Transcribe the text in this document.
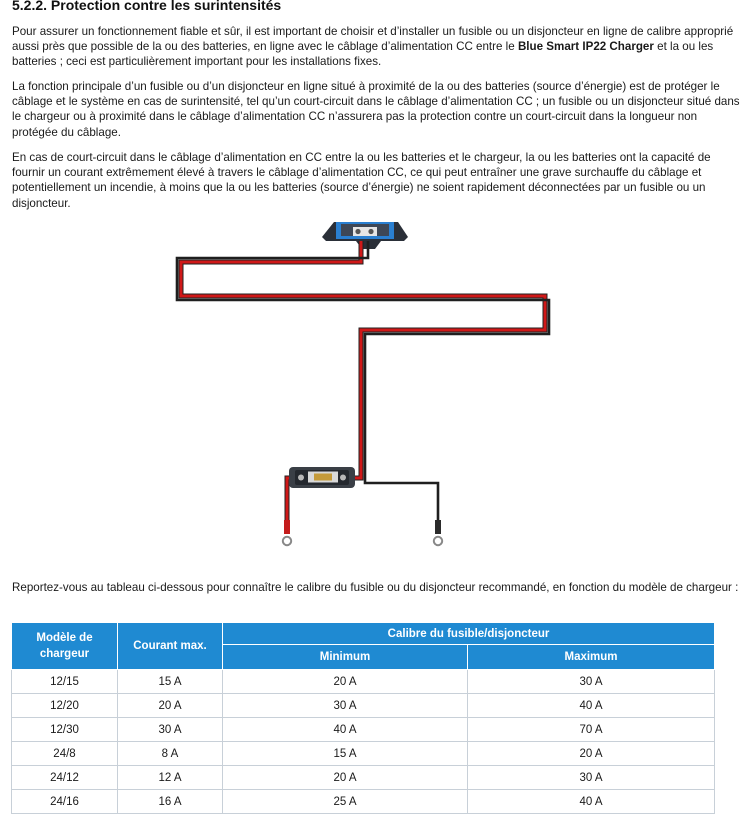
5.2.2. Protection contre les surintensités

Pour assurer un fonctionnement fiable et sûr, il est important de choisir et d’installer un fusible ou un disjoncteur en ligne de calibre approprié aussi près que possible de la ou des batteries, en ligne avec le câblage d’alimentation CC entre le Blue Smart IP22 Charger et la ou les batteries ; ceci est particulièrement important pour les installations fixes.

La fonction principale d’un fusible ou d’un disjoncteur en ligne situé à proximité de la ou des batteries (source d’énergie) est de protéger le câblage et le système en cas de surintensité, tel qu’un court-circuit dans le câblage d’alimentation CC ; un fusible ou un disjoncteur situé dans le chargeur ou à proximité dans le câblage d’alimentation CC n’assurera pas la protection contre un court-circuit dans la longueur non protégée du câblage.

En cas de court-circuit dans le câblage d’alimentation en CC entre la ou les batteries et le chargeur, la ou les batteries ont la capacité de fournir un courant extrêmement élevé à travers le câblage d’alimentation CC, ce qui peut entraîner une grave surchauffe du câblage et potentiellement un incendie, à moins que la ou les batteries (source d’énergie) ne soient rapidement déconnectées par un fusible ou un disjoncteur.

Reportez-vous au tableau ci-dessous pour connaître le calibre du fusible ou du disjoncteur recommandé, en fonction du modèle de chargeur :

Modèle de chargeur	Courant max.	Calibre du fusible/disjoncteur	
		Minimum	Maximum
12/15	15 A	20 A	30 A
12/20	20 A	30 A	40 A
12/30	30 A	40 A	70 A
24/8	8 A	15 A	20 A
24/12	12 A	20 A	30 A
24/16	16 A	25 A	40 A
